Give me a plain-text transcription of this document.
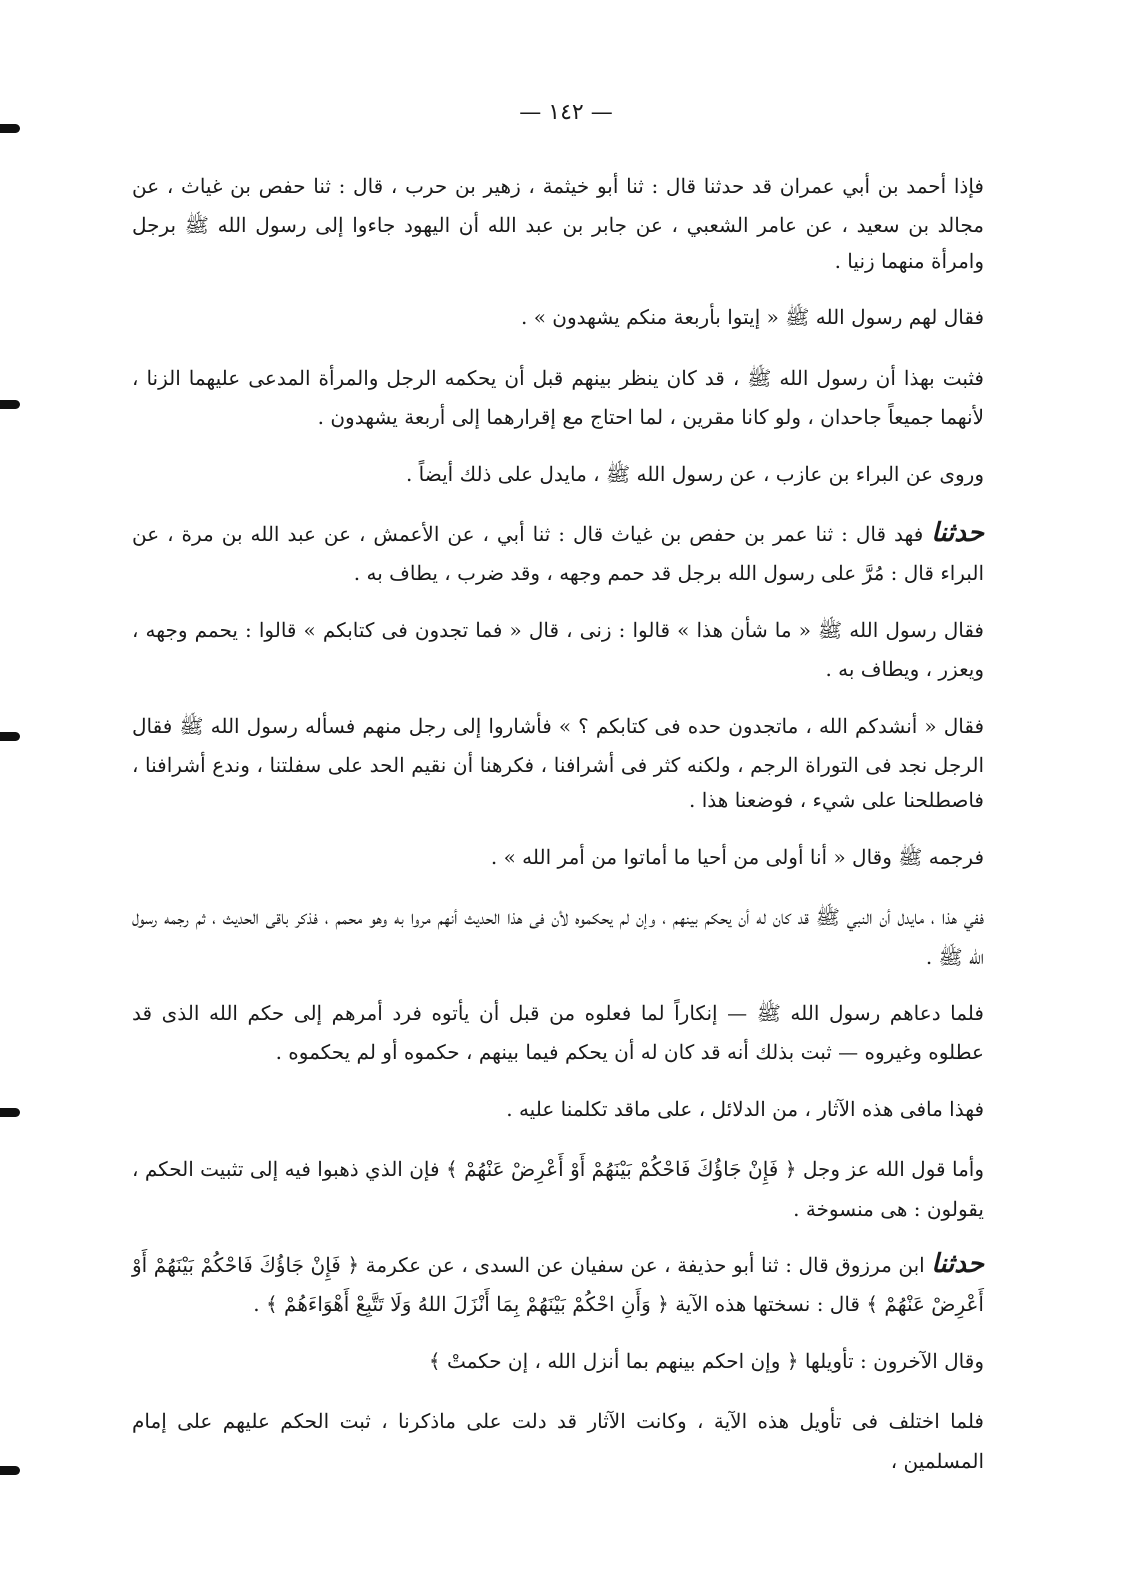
— ١٤٢ —

فإذا أحمد بن أبي عمران قد حدثنا قال : ثنا أبو خيثمة ، زهير بن حرب ، قال : ثنا حفص بن غياث ، عن مجالد بن سعيد ، عن عامر الشعبي ، عن جابر بن عبد الله أن اليهود جاءوا إلى رسول الله ﷺ برجل وامرأة منهما زنيا .

فقال لهم رسول الله ﷺ « إيتوا بأربعة منكم يشهدون » .

فثبت بهذا أن رسول الله ﷺ ، قد كان ينظر بينهم قبل أن يحكمه الرجل والمرأة المدعى عليهما الزنا ، لأنهما جميعاً جاحدان ، ولو كانا مقرين ، لما احتاج مع إقرارهما إلى أربعة يشهدون .

وروى عن البراء بن عازب ، عن رسول الله ﷺ ، مايدل على ذلك أيضاً .

حدثنا فهد قال : ثنا عمر بن حفص بن غياث قال : ثنا أبي ، عن الأعمش ، عن عبد الله بن مرة ، عن البراء قال : مُرَّ على رسول الله برجل قد حمم وجهه ، وقد ضرب ، يطاف به .

فقال رسول الله ﷺ « ما شأن هذا » قالوا : زنى ، قال « فما تجدون فى كتابكم » قالوا : يحمم وجهه ، ويعزر ، ويطاف به .

فقال « أنشدكم الله ، ماتجدون حده فى كتابكم ؟ » فأشاروا إلى رجل منهم فسأله رسول الله ﷺ فقال الرجل نجد فى التوراة الرجم ، ولكنه كثر فى أشرافنا ، فكرهنا أن نقيم الحد على سفلتنا ، وندع أشرافنا ، فاصطلحنا على شيء ، فوضعنا هذا .

فرجمه ﷺ وقال « أنا أولى من أحيا ما أماتوا من أمر الله » .

ففي هذا ، مايدل أن النبي ﷺ قد كان له أن يحكم بينهم ، وإن لم يحكموه لأن فى هذا الحديث أنهم مروا به وهو محمم ، فذكر باقى الحديث ، ثم رجمه رسول الله ﷺ .

فلما دعاهم رسول الله ﷺ — إنكاراً لما فعلوه من قبل أن يأتوه فرد أمرهم إلى حكم الله الذى قد عطلوه وغيروه — ثبت بذلك أنه قد كان له أن يحكم فيما بينهم ، حكموه أو لم يحكموه .

فهذا مافى هذه الآثار ، من الدلائل ، على ماقد تكلمنا عليه .

وأما قول الله عز وجل ﴿ فَإِنْ جَاؤُكَ فَاحْكُمْ بَيْنَهُمْ أَوْ أَعْرِضْ عَنْهُمْ ﴾ فإن الذي ذهبوا فيه إلى تثبيت الحكم ، يقولون : هى منسوخة .

حدثنا ابن مرزوق قال : ثنا أبو حذيفة ، عن سفيان عن السدى ، عن عكرمة ﴿ فَإِنْ جَاؤُكَ فَاحْكُمْ بَيْنَهُمْ أَوْ أَعْرِضْ عَنْهُمْ ﴾ قال : نسختها هذه الآية ﴿ وَأَنِ احْكُمْ بَيْنَهُمْ بِمَا أَنْزَلَ اللهُ وَلَا تَتَّبِعْ أَهْوَاءَهُمْ ﴾ .

وقال الآخرون : تأويلها ﴿ وإن احكم بينهم بما أنزل الله ، إن حكمتْ ﴾

فلما اختلف فى تأويل هذه الآية ، وكانت الآثار قد دلت على ماذكرنا ، ثبت الحكم عليهم على إمام المسلمين ،
